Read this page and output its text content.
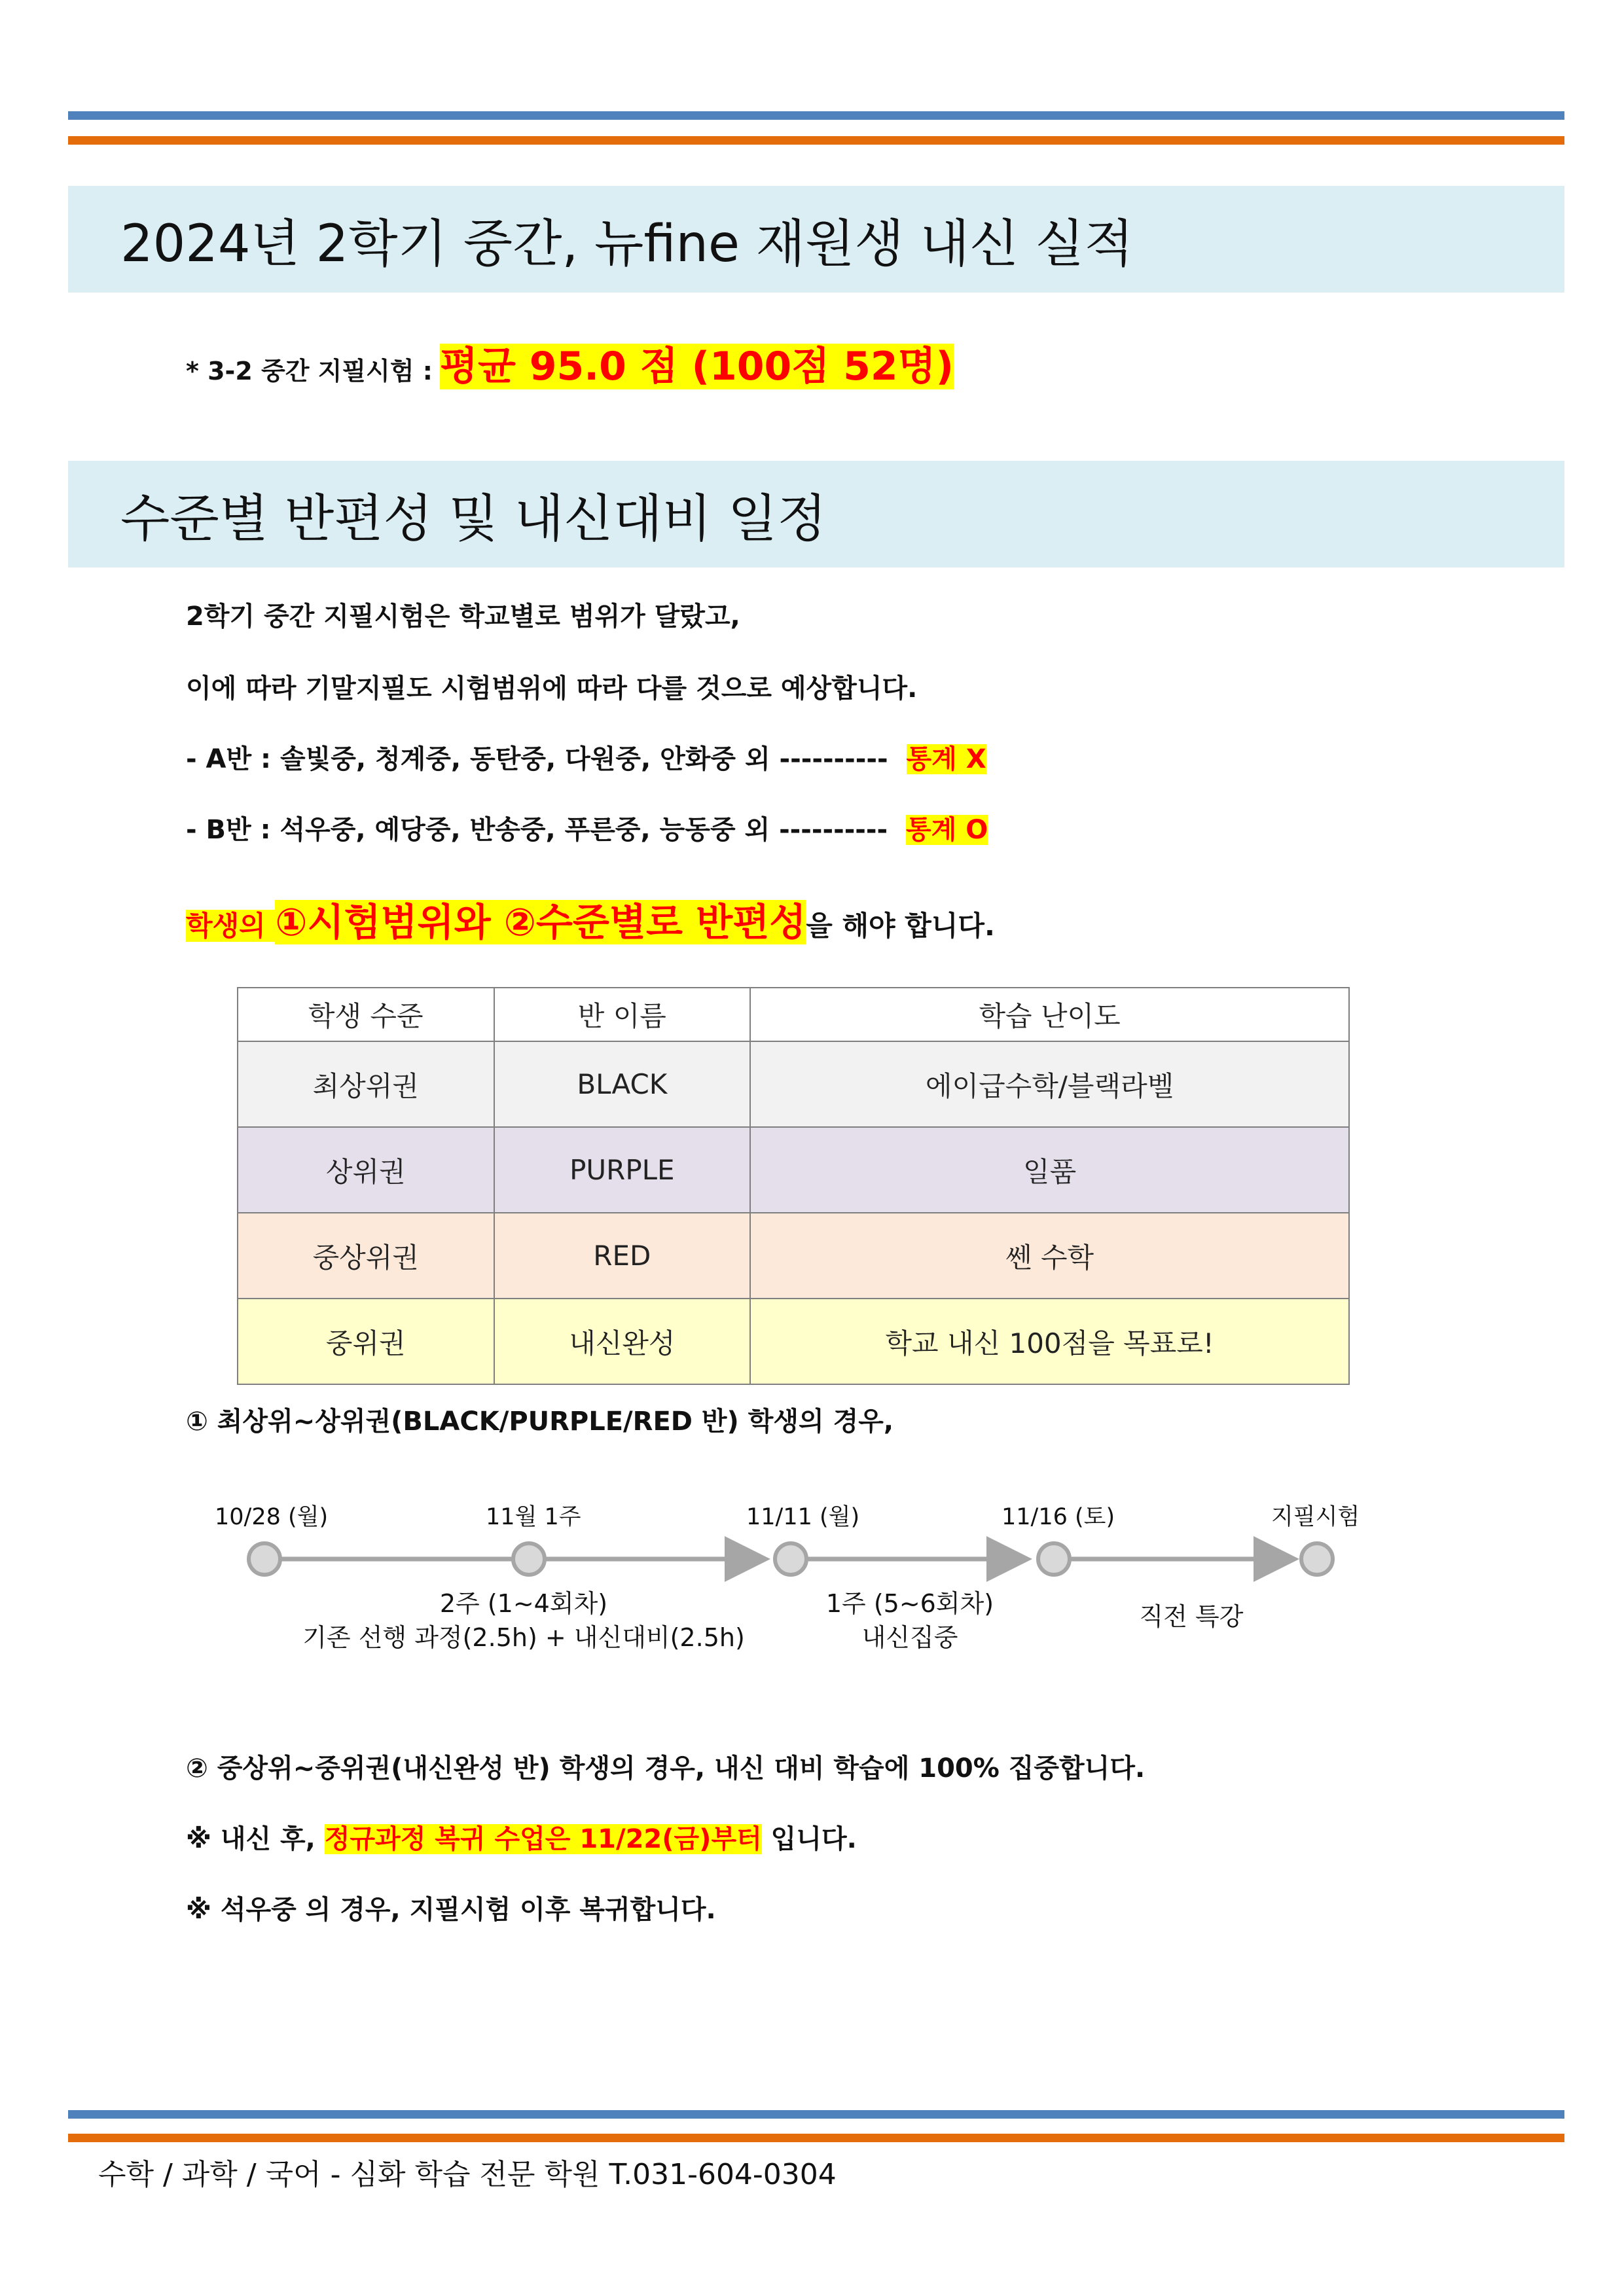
2024년 2학기 중간, 뉴fine 재원생 내신 실적
* 3-2 중간 지필시험 : 평균 95.0 점 (100점 52명)
수준별 반편성 및 내신대비 일정
2학기 중간 지필시험은 학교별로 범위가 달랐고,
이에 따라 기말지필도 시험범위에 따라 다를 것으로 예상합니다.
- A반 : 솔빛중, 청계중, 동탄중, 다원중, 안화중 외 ---------- 통계 X
- B반 : 석우중, 예당중, 반송중, 푸른중, 능동중 외 ---------- 통계 O
학생의 ①시험범위와 ②수준별로 반편성을 해야 합니다.
학생 수준	반 이름	학습 난이도
최상위권	BLACK	에이급수학/블랙라벨
상위권	PURPLE	일품
중상위권	RED	쎈 수학
중위권	내신완성	학교 내신 100점을 목표로!
① 최상위~상위권(BLACK/PURPLE/RED 반) 학생의 경우,
10/28 (월)	11월 1주	11/11 (월)	11/16 (토)	지필시험
2주 (1~4회차)
기존 선행 과정(2.5h) + 내신대비(2.5h)
1주 (5~6회차)
내신집중
직전 특강
② 중상위~중위권(내신완성 반) 학생의 경우, 내신 대비 학습에 100% 집중합니다.
※ 내신 후, 정규과정 복귀 수업은 11/22(금)부터 입니다.
※ 석우중 의 경우, 지필시험 이후 복귀합니다.
수학 / 과학 / 국어 - 심화 학습 전문 학원 T.031-604-0304
